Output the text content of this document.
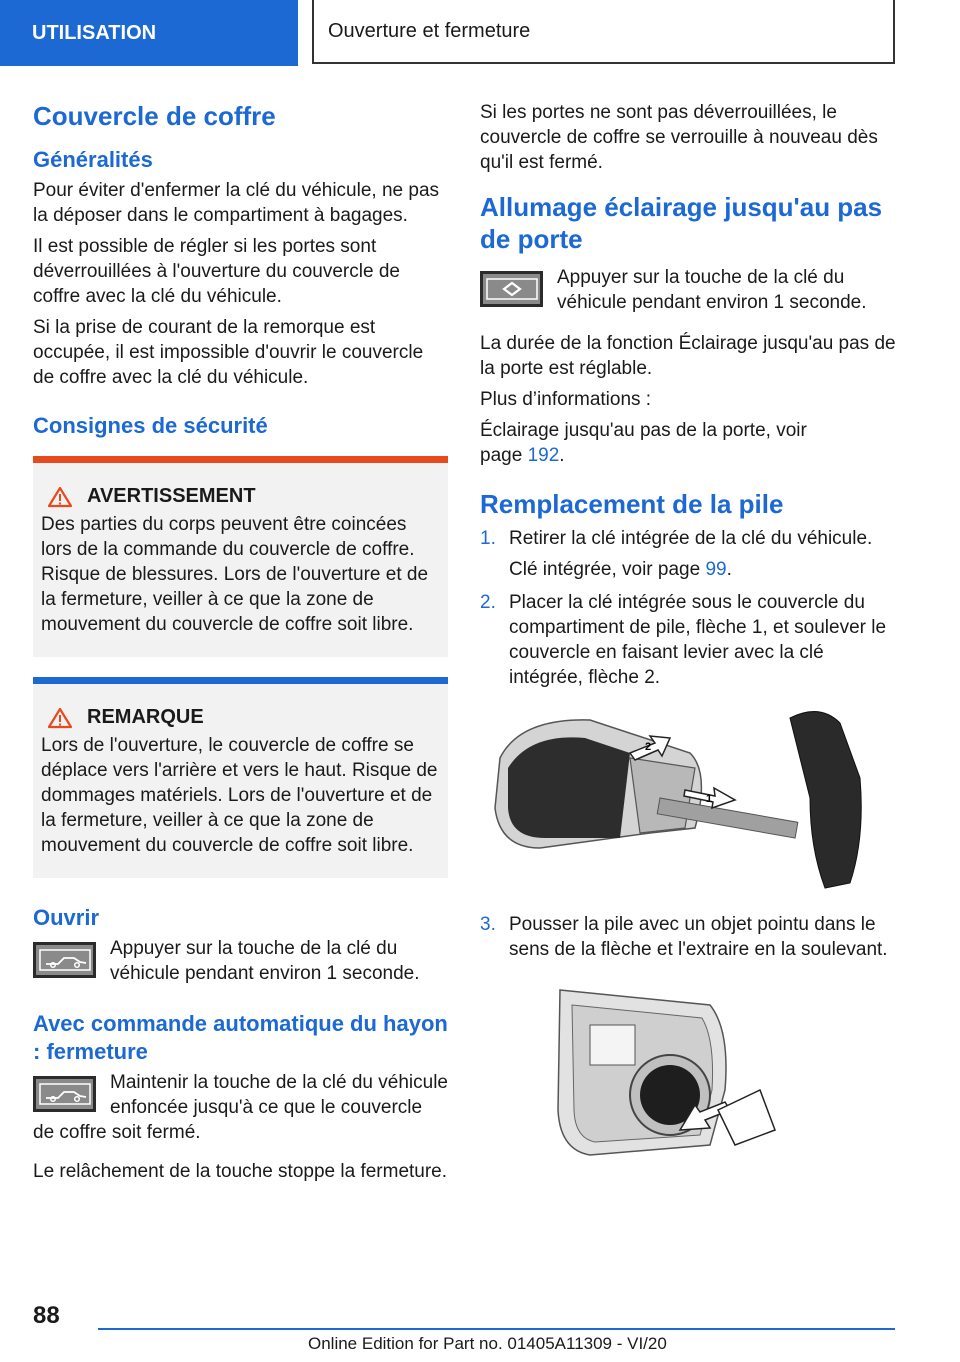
UTILISATION	Ouverture et fermeture
Couvercle de coffre
Généralités

Pour éviter d'enfermer la clé du véhicule, ne pas la déposer dans le compartiment à bagages.

Il est possible de régler si les portes sont déverrouillées à l'ouverture du couvercle de coffre avec la clé du véhicule.

Si la prise de courant de la remorque est occupée, il est impossible d'ouvrir le couvercle de coffre avec la clé du véhicule.

Consignes de sécurité
AVERTISSEMENT

Des parties du corps peuvent être coincées lors de la commande du couvercle de coffre. Risque de blessures. Lors de l'ouverture et de la fermeture, veiller à ce que la zone de mouvement du couvercle de coffre soit libre.

REMARQUE

Lors de l'ouverture, le couvercle de coffre se déplace vers l'arrière et vers le haut. Risque de dommages matériels. Lors de l'ouverture et de la fermeture, veiller à ce que la zone de mouvement du couvercle de coffre soit libre.

Ouvrir

Appuyer sur la touche de la clé du véhicule pendant environ 1 seconde.

Avec commande automatique du hayon : fermeture

Maintenir la touche de la clé du véhicule enfoncée jusqu'à ce que le couvercle de coffre soit fermé.

Le relâchement de la touche stoppe la fermeture.

Si les portes ne sont pas déverrouillées, le couvercle de coffre se verrouille à nouveau dès qu'il est fermé.

Allumage éclairage jusqu'au pas de porte

Appuyer sur la touche de la clé du véhicule pendant environ 1 seconde.

La durée de la fonction Éclairage jusqu'au pas de la porte est réglable.

Plus d’informations :

Éclairage jusqu'au pas de la porte, voir
page 192.

Remplacement de la pile
1. Retirer la clé intégrée de la clé du véhicule.

Clé intégrée, voir page 99.

2. Placer la clé intégrée sous le couvercle du compartiment de pile, flèche 1, et soulever le couvercle en faisant levier avec la clé intégrée, flèche 2.

2
1
3. Pousser la pile avec un objet pointu dans le sens de la flèche et l'extraire en la soulevant.

88
Online Edition for Part no. 01405A11309 - VI/20
